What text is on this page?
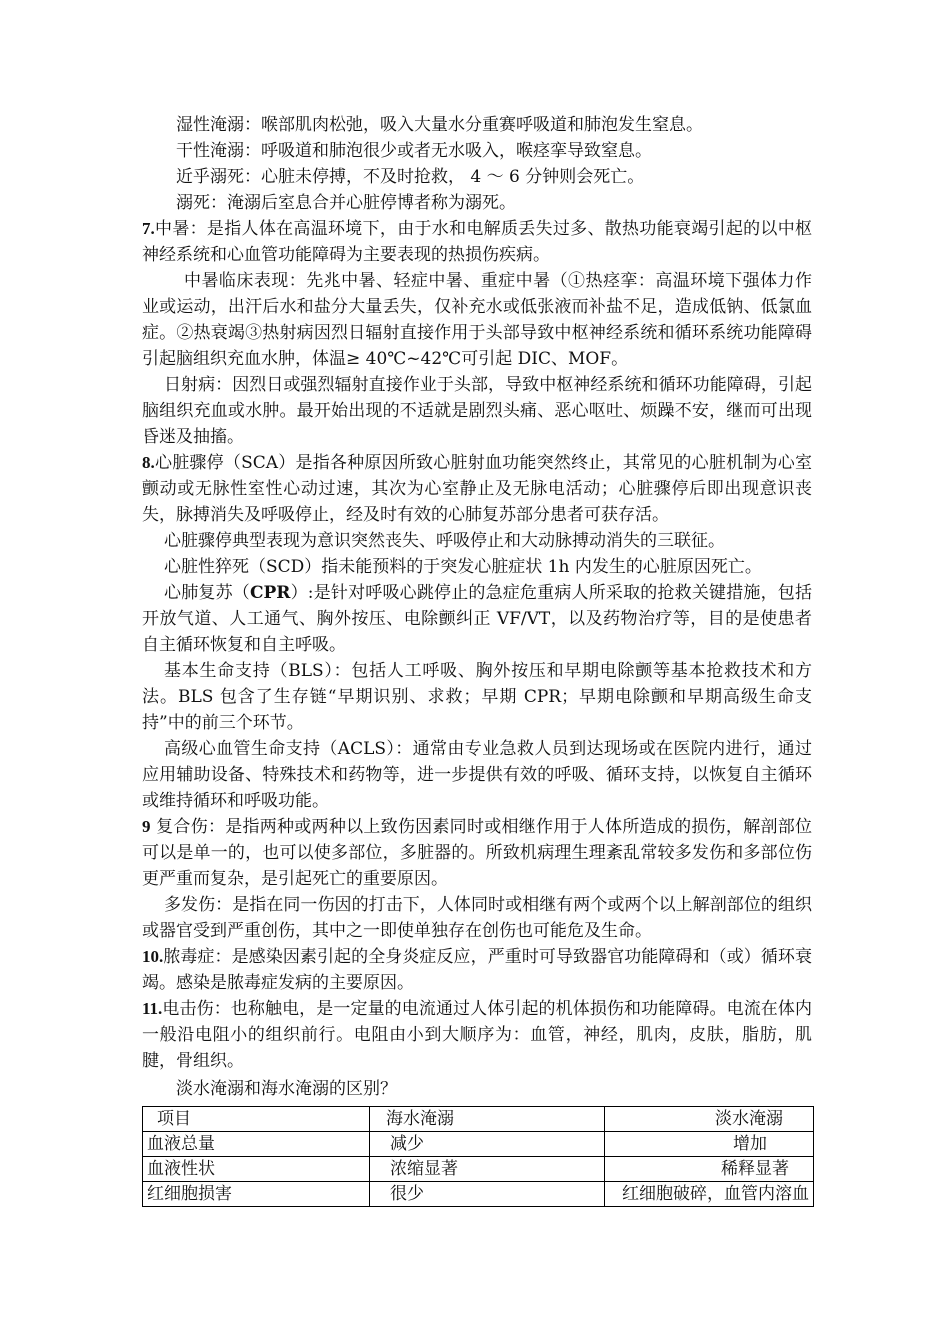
湿性淹溺：喉部肌肉松弛，吸入大量水分重赛呼吸道和肺泡发生窒息。

干性淹溺：呼吸道和肺泡很少或者无水吸入，喉痉挛导致窒息。

近乎溺死：心脏未停搏，不及时抢救， 4 ～ 6 分钟则会死亡。

溺死：淹溺后室息合并心脏停博者称为溺死。

7.中暑：是指人体在高温环境下，由于水和电解质丢失过多、散热功能衰竭引起的以中枢神经系统和心血管功能障碍为主要表现的热损伤疾病。

中暑临床表现：先兆中暑、轻症中暑、重症中暑（①热痉挛：高温环境下强体力作业或运动，出汗后水和盐分大量丢失，仅补充水或低张液而补盐不足，造成低钠、低氯血症。②热衰竭③热射病因烈日辐射直接作用于头部导致中枢神经系统和循环系统功能障碍引起脑组织充血水肿，体温≥ 40℃~42℃可引起 DIC、MOF。

日射病：因烈日或强烈辐射直接作业于头部，导致中枢神经系统和循环功能障碍，引起脑组织充血或水肿。最开始出现的不适就是剧烈头痛、恶心呕吐、烦躁不安，继而可出现昏迷及抽搐。

8.心脏骤停（SCA）是指各种原因所致心脏射血功能突然终止，其常见的心脏机制为心室颤动或无脉性室性心动过速，其次为心室静止及无脉电活动；心脏骤停后即出现意识丧失，脉搏消失及呼吸停止，经及时有效的心肺复苏部分患者可获存活。

心脏骤停典型表现为意识突然丧失、呼吸停止和大动脉搏动消失的三联征。

心脏性猝死（SCD）指未能预料的于突发心脏症状 1h 内发生的心脏原因死亡。

心肺复苏（CPR）:是针对呼吸心跳停止的急症危重病人所采取的抢救关键措施，包括开放气道、人工通气、胸外按压、电除颤纠正 VF/VT，以及药物治疗等，目的是使患者自主循环恢复和自主呼吸。

基本生命支持（BLS）：包括人工呼吸、胸外按压和早期电除颤等基本抢救技术和方法。BLS 包含了生存链“早期识别、求救；早期 CPR；早期电除颤和早期高级生命支持”中的前三个环节。

高级心血管生命支持（ACLS）：通常由专业急救人员到达现场或在医院内进行，通过应用辅助设备、特殊技术和药物等，进一步提供有效的呼吸、循环支持，以恢复自主循环或维持循环和呼吸功能。

9 复合伤：是指两种或两种以上致伤因素同时或相继作用于人体所造成的损伤，解剖部位可以是单一的，也可以使多部位，多脏器的。所致机病理生理紊乱常较多发伤和多部位伤更严重而复杂，是引起死亡的重要原因。

多发伤：是指在同一伤因的打击下，人体同时或相继有两个或两个以上解剖部位的组织或器官受到严重创伤，其中之一即使单独存在创伤也可能危及生命。

10.脓毒症：是感染因素引起的全身炎症反应，严重时可导致器官功能障碍和（或）循环衰竭。感染是脓毒症发病的主要原因。

11.电击伤：也称触电，是一定量的电流通过人体引起的机体损伤和功能障碍。电流在体内一般沿电阻小的组织前行。电阻由小到大顺序为：血管，神经，肌肉，皮肤，脂肪，肌腱，骨组织。

淡水淹溺和海水淹溺的区别？
项目	海水淹溺	淡水淹溺
血液总量	减少	增加
血液性状	浓缩显著	稀释显著
红细胞损害	很少	红细胞破碎，血管内溶血
